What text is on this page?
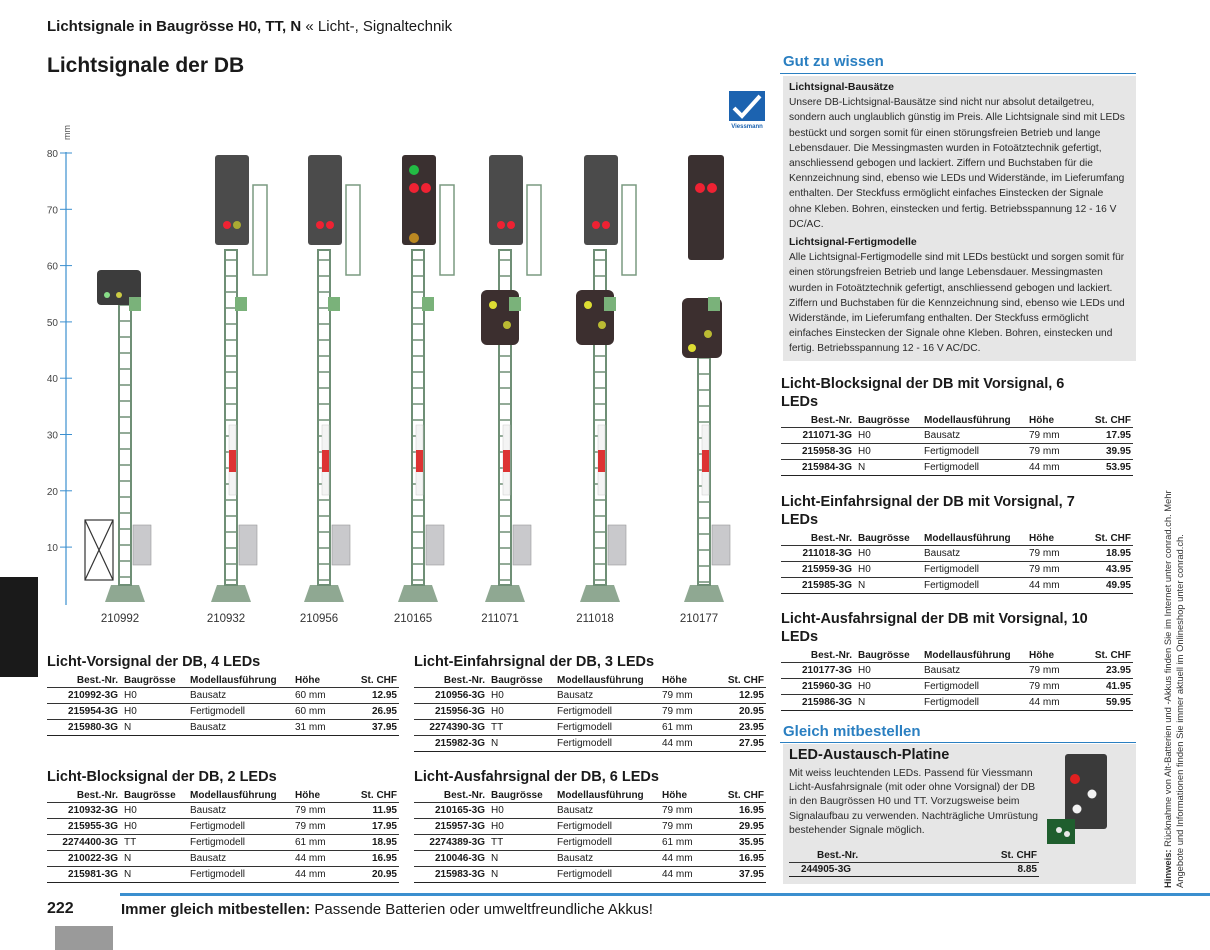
Lichtsignale in Baugrösse H0, TT, N « Licht-, Signaltechnik
Lichtsignale der DB
mm
80
70
60
50
40
30
20
10
Viessmann
210992	210932	210956	210165	211071	211018	210177
Licht-Vorsignal der DB, 4 LEDs
Best.-Nr.	Baugrösse	Modellausführung	Höhe	St. CHF
210992-3G	H0	Bausatz	60 mm	12.95
215954-3G	H0	Fertigmodell	60 mm	26.95
215980-3G	N	Bausatz	31 mm	37.95
Licht-Blocksignal der DB, 2 LEDs
Best.-Nr.	Baugrösse	Modellausführung	Höhe	St. CHF
210932-3G	H0	Bausatz	79 mm	11.95
215955-3G	H0	Fertigmodell	79 mm	17.95
2274400-3G	TT	Fertigmodell	61 mm	18.95
210022-3G	N	Bausatz	44 mm	16.95
215981-3G	N	Fertigmodell	44 mm	20.95
Licht-Einfahrsignal der DB, 3 LEDs
Best.-Nr.	Baugrösse	Modellausführung	Höhe	St. CHF
210956-3G	H0	Bausatz	79 mm	12.95
215956-3G	H0	Fertigmodell	79 mm	20.95
2274390-3G	TT	Fertigmodell	61 mm	23.95
215982-3G	N	Fertigmodell	44 mm	27.95
Licht-Ausfahrsignal der DB, 6 LEDs
Best.-Nr.	Baugrösse	Modellausführung	Höhe	St. CHF
210165-3G	H0	Bausatz	79 mm	16.95
215957-3G	H0	Fertigmodell	79 mm	29.95
2274389-3G	TT	Fertigmodell	61 mm	35.95
210046-3G	N	Bausatz	44 mm	16.95
215983-3G	N	Fertigmodell	44 mm	37.95
Gut zu wissen
Lichtsignal-Bausätze

Unsere DB-Lichtsignal-Bausätze sind nicht nur absolut detailgetreu, sondern auch unglaublich günstig im Preis. Alle Lichtsignale sind mit LEDs bestückt und sorgen somit für einen störungsfreien Betrieb und lange Lebensdauer. Die Messingmasten wurden in Fotoätztechnik gefertigt, anschliessend gebogen und lackiert. Ziffern und Buchstaben für die Kennzeichnung sind, ebenso wie LEDs und Widerstände, im Lieferumfang enthalten. Der Steckfuss ermöglicht einfaches Einstecken der Signale ohne Kleben. Bohren, einstecken und fertig. Betriebsspannung 12 - 16 V DC/AC.

Lichtsignal-Fertigmodelle

Alle Lichtsignal-Fertigmodelle sind mit LEDs bestückt und sorgen somit für einen störungsfreien Betrieb und lange Lebensdauer. Messingmasten wurden in Fotoätztechnik gefertigt, anschliessend gebogen und lackiert. Ziffern und Buchstaben für die Kennzeichnung sind, ebenso wie LEDs und Widerstände, im Lieferumfang enthalten. Der Steckfuss ermöglicht einfaches Einstecken der Signale ohne Kleben. Bohren, einstecken und fertig. Betriebsspannung 12 - 16 V AC/DC.

Licht-Blocksignal der DB mit Vorsignal, 6 LEDs
Best.-Nr.	Baugrösse	Modellausführung	Höhe	St. CHF
211071-3G	H0	Bausatz	79 mm	17.95
215958-3G	H0	Fertigmodell	79 mm	39.95
215984-3G	N	Fertigmodell	44 mm	53.95
Licht-Einfahrsignal der DB mit Vorsignal, 7 LEDs
Best.-Nr.	Baugrösse	Modellausführung	Höhe	St. CHF
211018-3G	H0	Bausatz	79 mm	18.95
215959-3G	H0	Fertigmodell	79 mm	43.95
215985-3G	N	Fertigmodell	44 mm	49.95
Licht-Ausfahrsignal der DB mit Vorsignal, 10 LEDs
Best.-Nr.	Baugrösse	Modellausführung	Höhe	St. CHF
210177-3G	H0	Bausatz	79 mm	23.95
215960-3G	H0	Fertigmodell	79 mm	41.95
215986-3G	N	Fertigmodell	44 mm	59.95
Gleich mitbestellen
LED-Austausch-Platine

Mit weiss leuchtenden LEDs. Passend für Viessmann Licht-Ausfahrsignale (mit oder ohne Vorsignal) der DB in den Baugrössen H0 und TT. Vorzugsweise beim Signalaufbau zu verwenden. Nachträgliche Umrüstung bestehender Signale möglich.

Best.-Nr.	St. CHF
244905-3G	8.85	Hinweis: Rücknahme von Alt-Batterien und -Akkus finden Sie im Internet unter conrad.ch. Mehr Angebote und Informationen finden Sie immer aktuell im Onlineshop unter conrad.ch.
222	Immer gleich mitbestellen: Passende Batterien oder umweltfreundliche Akkus!
